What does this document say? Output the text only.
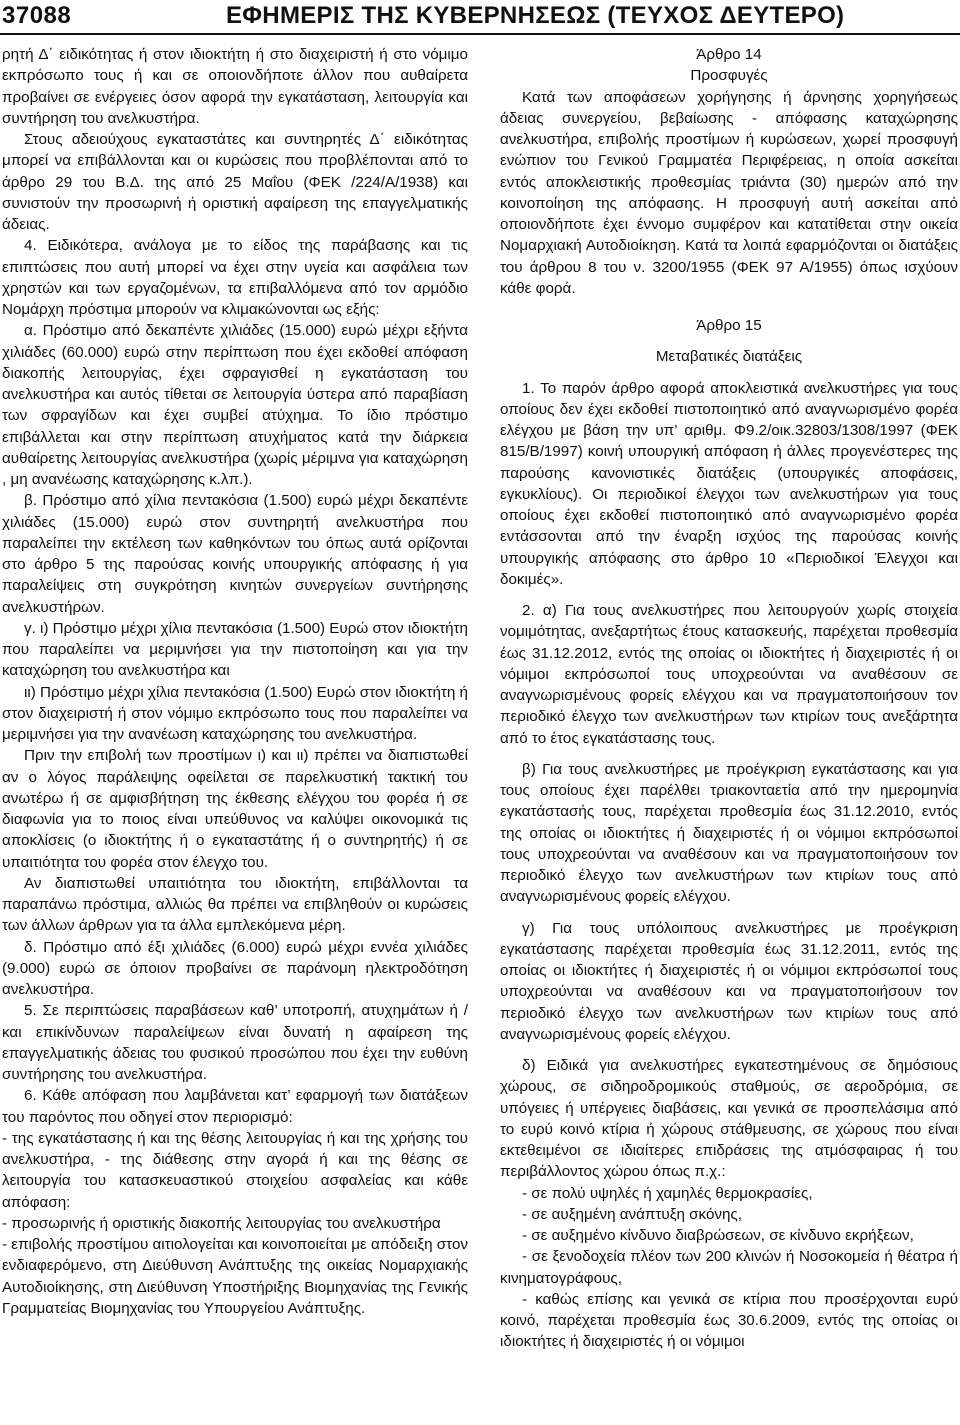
37088	ΕΦΗΜΕΡΙΣ ΤΗΣ ΚΥΒΕΡΝΗΣΕΩΣ (ΤΕΥΧΟΣ ΔΕΥΤΕΡΟ)

ρητή Δ΄ ειδικότητας ή στον ιδιοκτήτη ή στο διαχειριστή ή στο νόμιμο εκπρόσωπο τους ή και σε οποιονδήποτε άλλον που αυθαίρετα προβαίνει σε ενέργειες όσον αφορά την εγκατάσταση, λειτουργία και συντήρηση του ανελκυστήρα.

Στους αδειούχους εγκαταστάτες και συντηρητές Δ΄ ειδικότητας μπορεί να επιβάλλονται και οι κυρώσεις που προβλέπονται από το άρθρο 29 του Β.Δ. της από 25 Μαΐου (ΦΕΚ /224/Α/1938) και συνιστούν την προσωρινή ή οριστική αφαίρεση της επαγγελματικής άδειας.

4. Ειδικότερα, ανάλογα με το είδος της παράβασης και τις επιπτώσεις που αυτή μπορεί να έχει στην υγεία και ασφάλεια των χρηστών και των εργαζομένων, τα επιβαλλόμενα από τον αρμόδιο Νομάρχη πρόστιμα μπορούν να κλιμακώνονται ως εξής:

α. Πρόστιμο από δεκαπέντε χιλιάδες (15.000) ευρώ μέχρι εξήντα χιλιάδες (60.000) ευρώ στην περίπτωση που έχει εκδοθεί απόφαση διακοπής λειτουργίας, έχει σφραγισθεί η εγκατάσταση του ανελκυστήρα και αυτός τίθεται σε λειτουργία ύστερα από παραβίαση των σφραγίδων και έχει συμβεί ατύχημα. Το ίδιο πρόστιμο επιβάλλεται και στην περίπτωση ατυχήματος κατά την διάρκεια αυθαίρετης λειτουργίας ανελκυστήρα (χωρίς μέριμνα για καταχώρηση , μη ανανέωσης καταχώρησης κ.λπ.).

β. Πρόστιμο από χίλια πεντακόσια (1.500) ευρώ μέχρι δεκαπέντε χιλιάδες (15.000) ευρώ στον συντηρητή ανελκυστήρα που παραλείπει την εκτέλεση των καθηκόντων του όπως αυτά ορίζονται στο άρθρο 5 της παρούσας κοινής υπουργικής απόφασης ή για παραλείψεις στη συγκρότηση κινητών συνεργείων συντήρησης ανελκυστήρων.

γ. ι) Πρόστιμο μέχρι χίλια πεντακόσια (1.500) Ευρώ στον ιδιοκτήτη που παραλείπει να μεριμνήσει για την πιστοποίηση και για την καταχώρηση του ανελκυστήρα και

ιι) Πρόστιμο μέχρι χίλια πεντακόσια (1.500) Ευρώ στον ιδιοκτήτη ή στον διαχειριστή ή στον νόμιμο εκπρόσωπο τους που παραλείπει να μεριμνήσει για την ανανέωση καταχώρησης του ανελκυστήρα.

Πριν την επιβολή των προστίμων ι) και ιι) πρέπει να διαπιστωθεί αν ο λόγος παράλειψης οφείλεται σε παρελκυστική τακτική του ανωτέρω ή σε αμφισβήτηση της έκθεσης ελέγχου του φορέα ή σε διαφωνία για το ποιος είναι υπεύθυνος να καλύψει οικονομικά τις αποκλίσεις (ο ιδιοκτήτης ή ο εγκαταστάτης ή ο συντηρητής) ή σε υπαιτιότητα του φορέα στον έλεγχο του.

Αν διαπιστωθεί υπαιτιότητα του ιδιοκτήτη, επιβάλλονται τα παραπάνω πρόστιμα, αλλιώς θα πρέπει να επιβληθούν οι κυρώσεις των άλλων άρθρων για τα άλλα εμπλεκόμενα μέρη.

δ. Πρόστιμο από έξι χιλιάδες (6.000) ευρώ μέχρι εννέα χιλιάδες (9.000) ευρώ σε όποιον προβαίνει σε παράνομη ηλεκτροδότηση ανελκυστήρα.

5. Σε περιπτώσεις παραβάσεων καθ’ υποτροπή, ατυχημάτων ή / και επικίνδυνων παραλείψεων είναι δυνατή η αφαίρεση της επαγγελματικής άδειας του φυσικού προσώπου που έχει την ευθύνη συντήρησης του ανελκυστήρα.

6. Κάθε απόφαση που λαμβάνεται κατ’ εφαρμογή των διατάξεων του παρόντος που οδηγεί στον περιορισμό:

- της εγκατάστασης ή και της θέσης λειτουργίας ή και της χρήσης του ανελκυστήρα, - της διάθεσης στην αγορά ή και της θέσης σε λειτουργία του κατασκευαστικού στοιχείου ασφαλείας και κάθε απόφαση:

- προσωρινής ή οριστικής διακοπής λειτουργίας του ανελκυστήρα

- επιβολής προστίμου αιτιολογείται και κοινοποιείται με απόδειξη στον ενδιαφερόμενο, στη Διεύθυνση Ανάπτυξης της οικείας Νομαρχιακής Αυτοδιοίκησης, στη Διεύθυνση Υποστήριξης Βιομηχανίας της Γενικής Γραμματείας Βιομηχανίας του Υπουργείου Ανάπτυξης.

Άρθρο 14

Προσφυγές

Κατά των αποφάσεων χορήγησης ή άρνησης χορηγήσεως άδειας συνεργείου, βεβαίωσης - απόφασης καταχώρησης ανελκυστήρα, επιβολής προστίμων ή κυρώσεων, χωρεί προσφυγή ενώπιον του Γενικού Γραμματέα Περιφέρειας, η οποία ασκείται εντός αποκλειστικής προθεσμίας τριάντα (30) ημερών από την κοινοποίηση της απόφασης. Η προσφυγή αυτή ασκείται από οποιονδήποτε έχει έννομο συμφέρον και κατατίθεται στην οικεία Νομαρχιακή Αυτοδιοίκηση. Κατά τα λοιπά εφαρμόζονται οι διατάξεις του άρθρου 8 του ν. 3200/1955 (ΦΕΚ 97 Α/1955) όπως ισχύουν κάθε φορά.

Άρθρο 15

Μεταβατικές διατάξεις

1. Το παρόν άρθρο αφορά αποκλειστικά ανελκυστήρες για τους οποίους δεν έχει εκδοθεί πιστοποιητικό από αναγνωρισμένο φορέα ελέγχου με βάση την υπ’ αριθμ. Φ9.2/οικ.32803/1308/1997 (ΦΕΚ 815/Β/1997) κοινή υπουργική απόφαση ή άλλες προγενέστερες της παρούσης κανονιστικές διατάξεις (υπουργικές αποφάσεις, εγκυκλίους). Οι περιοδικοί έλεγχοι των ανελκυστήρων για τους οποίους έχει εκδοθεί πιστοποιητικό από αναγνωρισμένο φορέα εντάσσονται από την έναρξη ισχύος της παρούσας κοινής υπουργικής απόφασης στο άρθρο 10 «Περιοδικοί Έλεγχοι και δοκιμές».

2. α) Για τους ανελκυστήρες που λειτουργούν χωρίς στοιχεία νομιμότητας, ανεξαρτήτως έτους κατασκευής, παρέχεται προθεσμία έως 31.12.2012, εντός της οποίας οι ιδιοκτήτες ή διαχειριστές ή οι νόμιμοι εκπρόσωποί τους υποχρεούνται να αναθέσουν σε αναγνωρισμένους φορείς ελέγχου και να πραγματοποιήσουν τον περιοδικό έλεγχο των ανελκυστήρων των κτιρίων τους ανεξάρτητα από το έτος εγκατάστασης τους.

β) Για τους ανελκυστήρες με προέγκριση εγκατάστασης και για τους οποίους έχει παρέλθει τριακονταετία από την ημερομηνία εγκατάστασής τους, παρέχεται προθεσμία έως 31.12.2010, εντός της οποίας οι ιδιοκτήτες ή διαχειριστές ή οι νόμιμοι εκπρόσωποί τους υποχρεούνται να αναθέσουν και να πραγματοποιήσουν τον περιοδικό έλεγχο των ανελκυστήρων των κτιρίων τους από αναγνωρισμένους φορείς ελέγχου.

γ) Για τους υπόλοιπους ανελκυστήρες με προέγκριση εγκατάστασης παρέχεται προθεσμία έως 31.12.2011, εντός της οποίας οι ιδιοκτήτες ή διαχειριστές ή οι νόμιμοι εκπρόσωποί τους υποχρεούνται να αναθέσουν και να πραγματοποιήσουν τον περιοδικό έλεγχο των ανελκυστήρων των κτιρίων τους από αναγνωρισμένους φορείς ελέγχου.

δ) Ειδικά για ανελκυστήρες εγκατεστημένους σε δημόσιους χώρους, σε σιδηροδρομικούς σταθμούς, σε αεροδρόμια, σε υπόγειες ή υπέργειες διαβάσεις, και γενικά σε προσπελάσιμα από το ευρύ κοινό κτίρια ή χώρους στάθμευσης, σε χώρους που είναι εκτεθειμένοι σε ιδιαίτερες επιδράσεις της ατμόσφαιρας ή του περιβάλλοντος χώρου όπως π.χ.:

- σε πολύ υψηλές ή χαμηλές θερμοκρασίες,

- σε αυξημένη ανάπτυξη σκόνης,

- σε αυξημένο κίνδυνο διαβρώσεων, σε κίνδυνο εκρήξεων,

- σε ξενοδοχεία πλέον των 200 κλινών ή Νοσοκομεία ή θέατρα ή κινηματογράφους,

- καθώς επίσης και γενικά σε κτίρια που προσέρχονται ευρύ κοινό, παρέχεται προθεσμία έως 30.6.2009, εντός της οποίας οι ιδιοκτήτες ή διαχειριστές ή οι νόμιμοι
